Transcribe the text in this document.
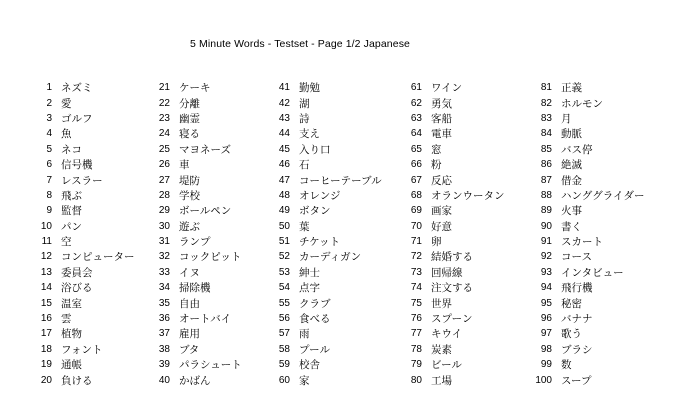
5 Minute Words - Testset - Page 1/2 Japanese
1 ネズミ
2 愛
3 ゴルフ
4 魚
5 ネコ
6 信号機
7 レスラー
8 飛ぶ
9 監督
10 パン
11 空
12 コンピューター
13 委員会
14 浴びる
15 温室
16 雲
17 植物
18 フォント
19 通帳
20 負ける
21 ケーキ
22 分離
23 幽霊
24 寝る
25 マヨネーズ
26 車
27 堤防
28 学校
29 ボールペン
30 遊ぶ
31 ランプ
32 コックピット
33 イヌ
34 掃除機
35 自由
36 オートバイ
37 雇用
38 ブタ
39 パラシュート
40 かばん
41 勤勉
42 湖
43 詩
44 支え
45 入り口
46 石
47 コーヒーテーブル
48 オレンジ
49 ボタン
50 葉
51 チケット
52 カーディガン
53 紳士
54 点字
55 クラブ
56 食べる
57 雨
58 プール
59 校舎
60 家
61 ワイン
62 勇気
63 客船
64 電車
65 窓
66 粉
67 反応
68 オランウータン
69 画家
70 好意
71 卵
72 結婚する
73 回帰線
74 注文する
75 世界
76 スプーン
77 キウイ
78 炭素
79 ビール
80 工場
81 正義
82 ホルモン
83 月
84 動脈
85 バス停
86 絶滅
87 借金
88 ハンググライダー
89 火事
90 書く
91 スカート
92 コース
93 インタビュー
94 飛行機
95 秘密
96 バナナ
97 歌う
98 ブラシ
99 数
100 スープ
